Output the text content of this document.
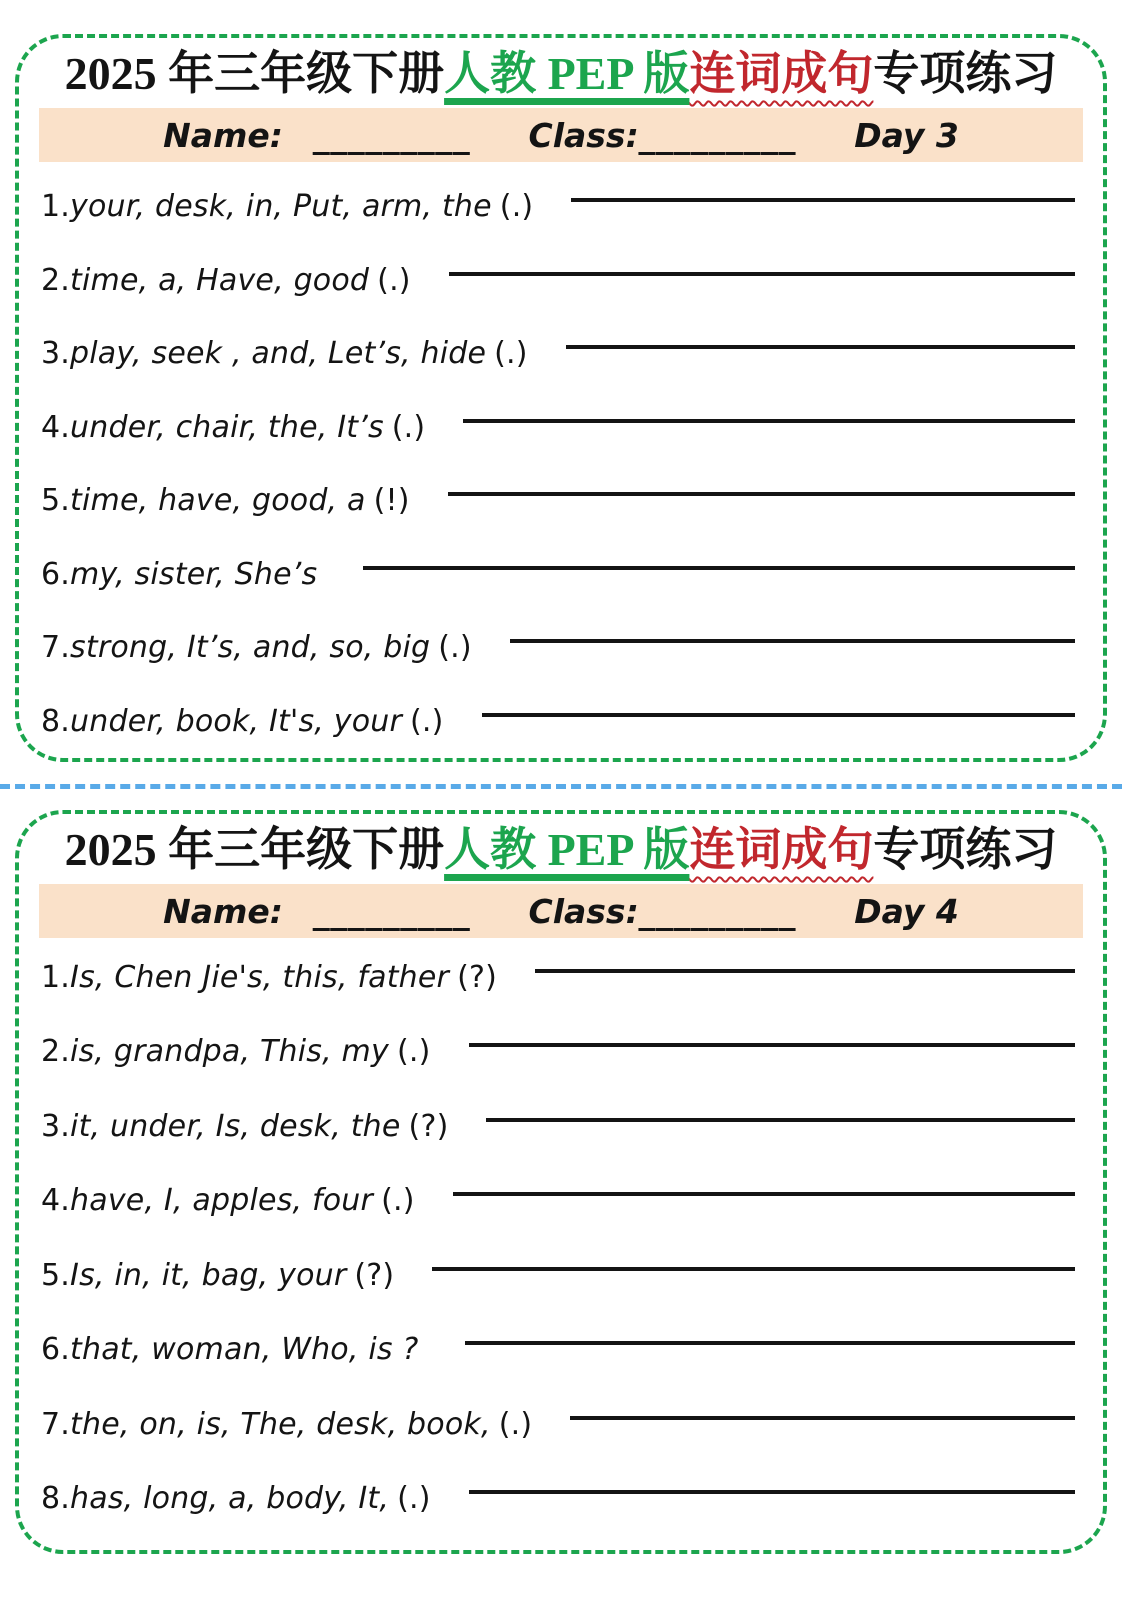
2025 年三年级下册人教 PEP 版连词成句专项练习
Name: _________ Class: _________ Day 3
1.your, desk, in, Put, arm, the (.)
2.time, a, Have, good (.)
3.play, seek , and, Let’s, hide (.)
4.under, chair, the, It’s (.)
5.time, have, good, a (!)
6.my, sister, She’s
7.strong, It’s, and, so, big (.)
8.under, book, It's, your (.)
2025 年三年级下册人教 PEP 版连词成句专项练习
Name: _________ Class: _________ Day 4
1.Is, Chen Jie's, this, father (?)
2.is, grandpa, This, my (.)
3.it, under, Is, desk, the (?)
4.have, I, apples, four (.)
5.Is, in, it, bag, your (?)
6.that, woman, Who, is ?
7.the, on, is, The, desk, book, (.)
8.has, long, a, body, It, (.)
